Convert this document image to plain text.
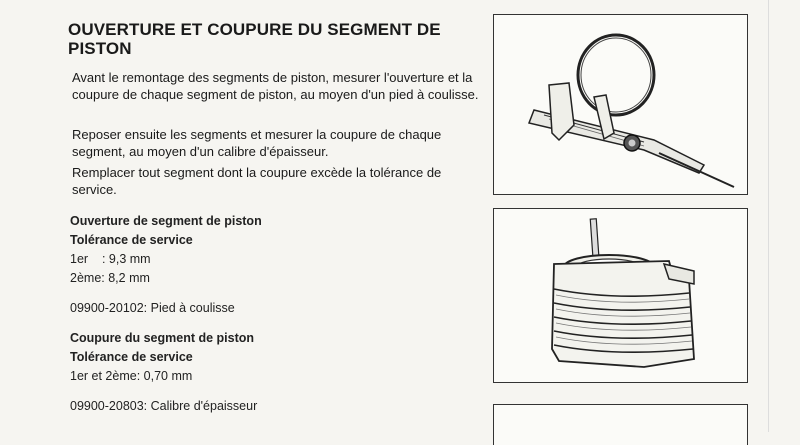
OUVERTURE ET COUPURE DU SEGMENT DE
PISTON
Avant le remontage des segments de piston, mesurer l'ouverture et la coupure de chaque segment de piston, au moyen d'un pied à coulisse.
Reposer ensuite les segments et mesurer la coupure de chaque segment, au moyen d'un calibre d'épaisseur.
Remplacer tout segment dont la coupure excède la tolérance de service.
Ouverture de segment de piston
Tolérance de service
1er    : 9,3 mm
2ème: 8,2 mm
09900-20102: Pied à coulisse
Coupure du segment de piston
Tolérance de service
1er et 2ème: 0,70 mm
09900-20803: Calibre d'épaisseur
